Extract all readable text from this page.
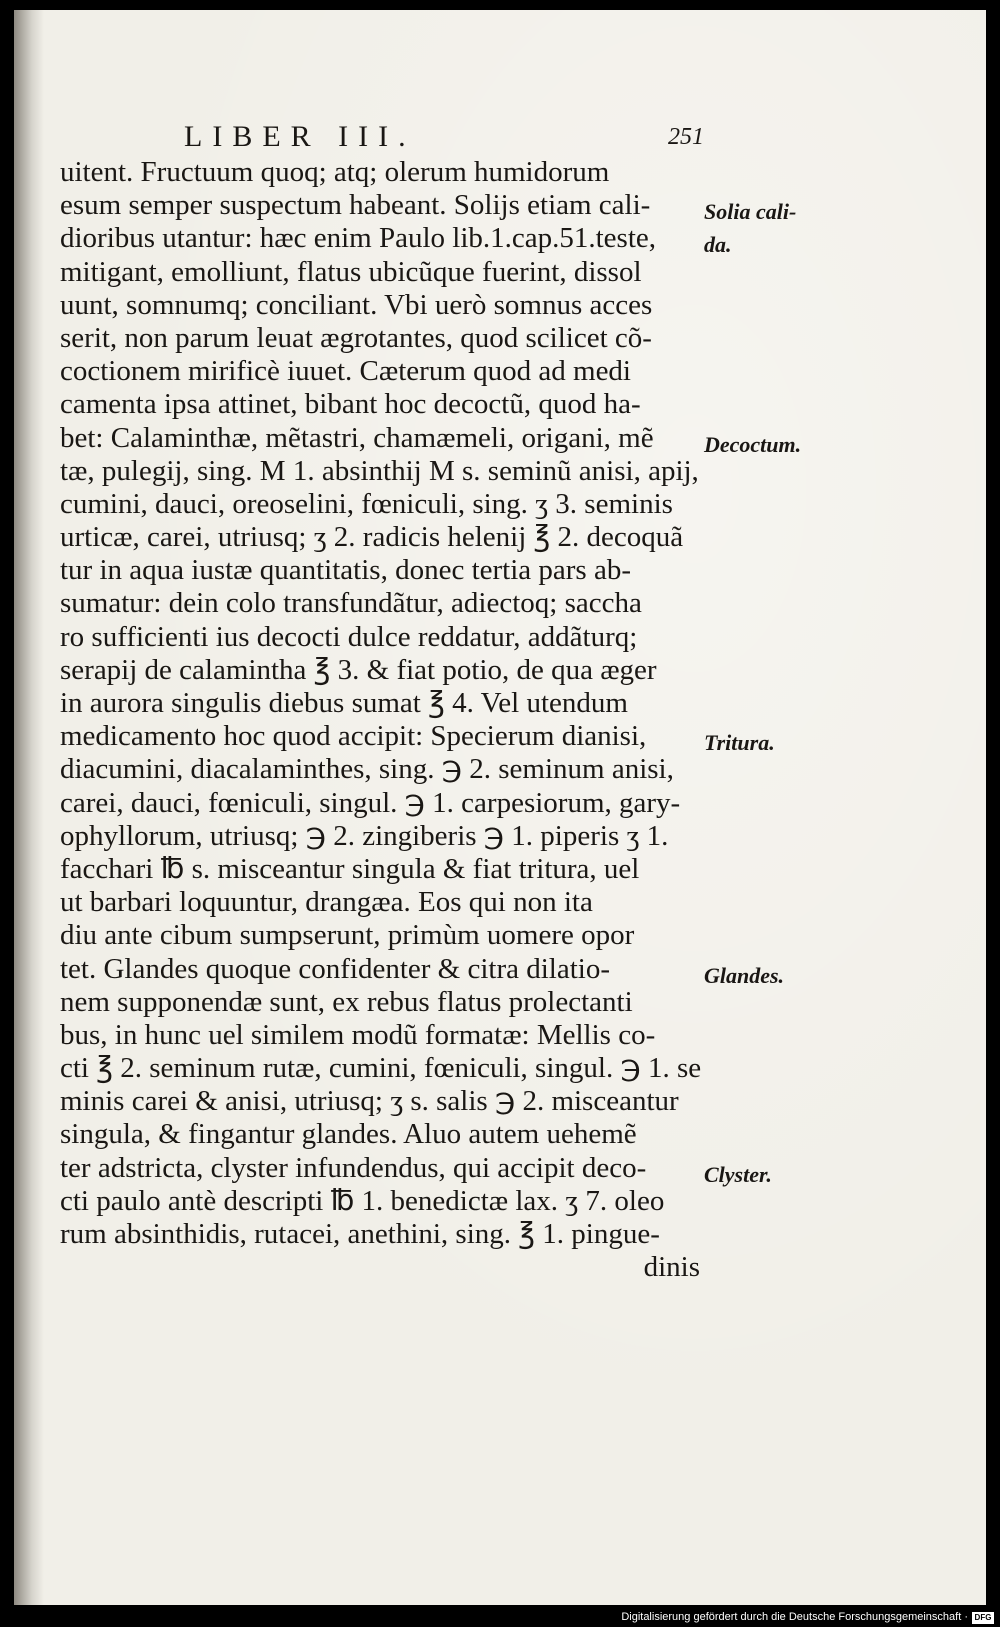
LIBER III.	251
uitent. Fructuum quoq; atq; olerum humidorum
esum semper suspectum habeant. Solijs etiam cali-
dioribus utantur: hæc enim Paulo lib.1.cap.51.teste,
mitigant, emolliunt, flatus ubicũque fuerint, dissol
uunt, somnumq; conciliant. Vbi uerò somnus acces
serit, non parum leuat ægrotantes, quod scilicet cõ-
coctionem mirificè iuuet. Cæterum quod ad medi
camenta ipsa attinet, bibant hoc decoctũ, quod ha-
bet: Calaminthæ, mẽtastri, chamæmeli, origani, mẽ
tæ, pulegij, sing. M 1. absinthij M s. seminũ anisi, apij,
cumini, dauci, oreoselini, fœniculi, sing. ʒ 3. seminis
urticæ, carei, utriusq; ʒ 2. radicis helenij ℥ 2. decoquã
tur in aqua iustæ quantitatis, donec tertia pars ab-
sumatur: dein colo transfundãtur, adiectoq; saccha
ro sufficienti ius decocti dulce reddatur, addãturq;
serapij de calamintha ℥ 3. & fiat potio, de qua æger
in aurora singulis diebus sumat ℥ 4. Vel utendum
medicamento hoc quod accipit: Specierum dianisi,
diacumini, diacalaminthes, sing. ℈ 2. seminum anisi,
carei, dauci, fœniculi, singul. ℈ 1. carpesiorum, gary-
ophyllorum, utriusq; ℈ 2. zingiberis ℈ 1. piperis ʒ 1.
facchari ℔ s. misceantur singula & fiat tritura, uel
ut barbari loquuntur, drangæa. Eos qui non ita
diu ante cibum sumpserunt, primùm uomere opor
tet. Glandes quoque confidenter & citra dilatio-
nem supponendæ sunt, ex rebus flatus prolectanti
bus, in hunc uel similem modũ formatæ: Mellis co-
cti ℥ 2. seminum rutæ, cumini, fœniculi, singul. ℈ 1. se
minis carei & anisi, utriusq; ʒ s. salis ℈ 2. misceantur
singula, & fingantur glandes. Aluo autem uehemẽ
ter adstricta, clyster infundendus, qui accipit deco-
cti paulo antè descripti ℔ 1. benedictæ lax. ʒ 7. oleo
rum absinthidis, rutacei, anethini, sing. ℥ 1. pingue-
dinis
Solia cali-
da.
Decoctum.
Tritura.
Glandes.
Clyster.
Digitalisierung gefördert durch die Deutsche Forschungsgemeinschaft · DFG
